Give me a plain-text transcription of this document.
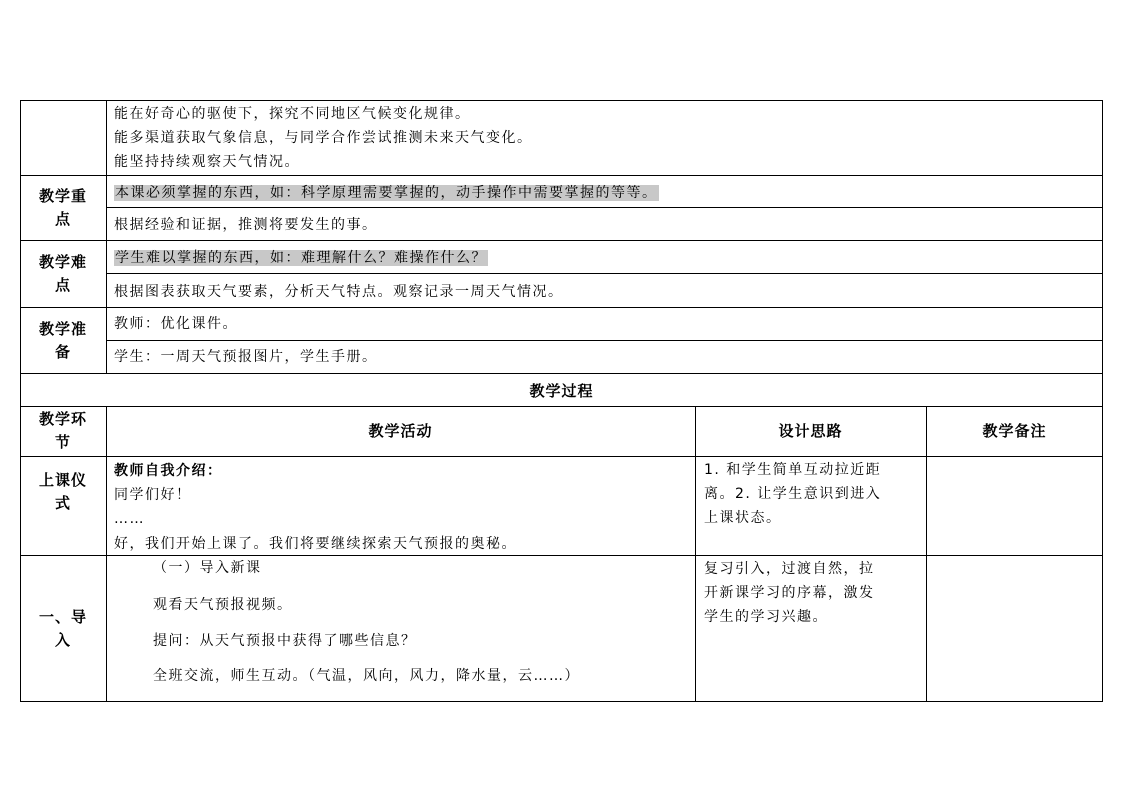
能在好奇心的驱使下，探究不同地区气候变化规律。
能多渠道获取气象信息，与同学合作尝试推测未来天气变化。
能坚持持续观察天气情况。
教学重
点
本课必须掌握的东西，如：科学原理需要掌握的，动手操作中需要掌握的等等。
根据经验和证据，推测将要发生的事。
教学难
点
学生难以掌握的东西，如：难理解什么？难操作什么？
根据图表获取天气要素，分析天气特点。观察记录一周天气情况。
教学准
备
教师：优化课件。
学生：一周天气预报图片，学生手册。
教学过程
教学环
节
教学活动	设计思路	教学备注
上课仪
式
教师自我介绍：
同学们好！
……
好，我们开始上课了。我们将要继续探索天气预报的奥秘。
1. 和学生简单互动拉近距
离。2. 让学生意识到进入
上课状态。
一、导
入
（一）导入新课
观看天气预报视频。
提问：从天气预报中获得了哪些信息？
全班交流，师生互动。（气温，风向，风力，降水量，云……）
复习引入，过渡自然，拉
开新课学习的序幕，激发
学生的学习兴趣。
